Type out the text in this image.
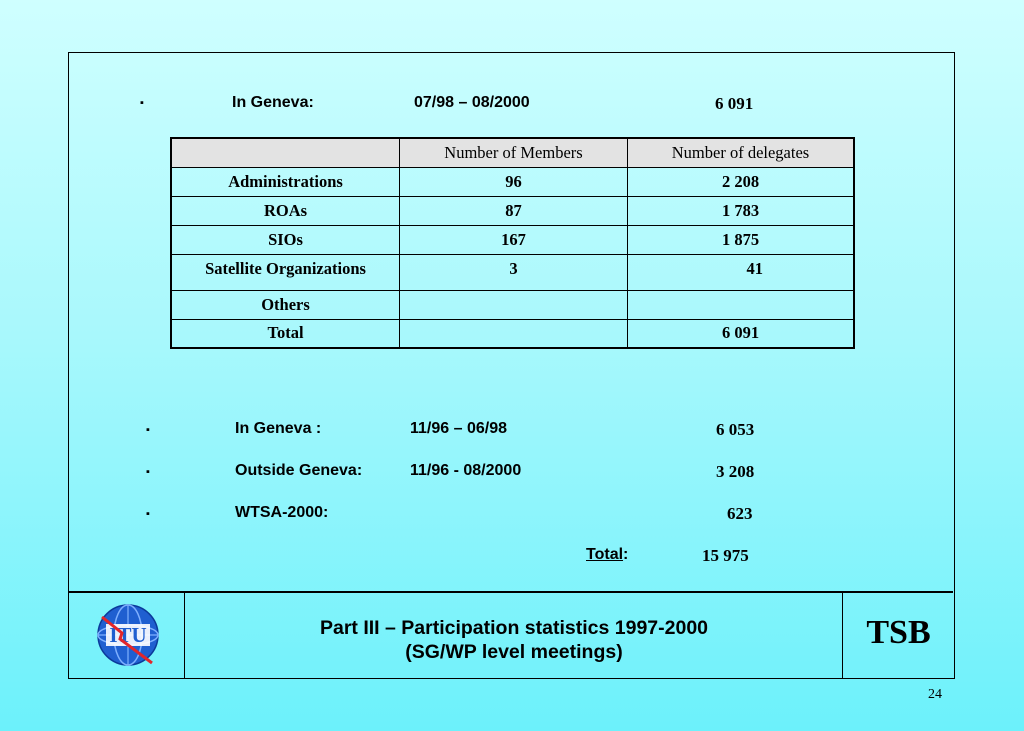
▪	In Geneva:	07/98 – 08/2000	6 091
	Number of Members	Number of delegates
Administrations	96	2 208
ROAs	87	1 783
SIOs	167	1 875
Satellite Organizations	3	41
Others		
Total		6 091
▪	In Geneva :	11/96 – 06/98	6 053
▪	Outside Geneva:	11/96 - 08/2000	3 208
▪	WTSA-2000:	623
Total:	15 975
ITU	Part III – Participation statistics 1997-2000
(SG/WP level meetings)
TSB
24
